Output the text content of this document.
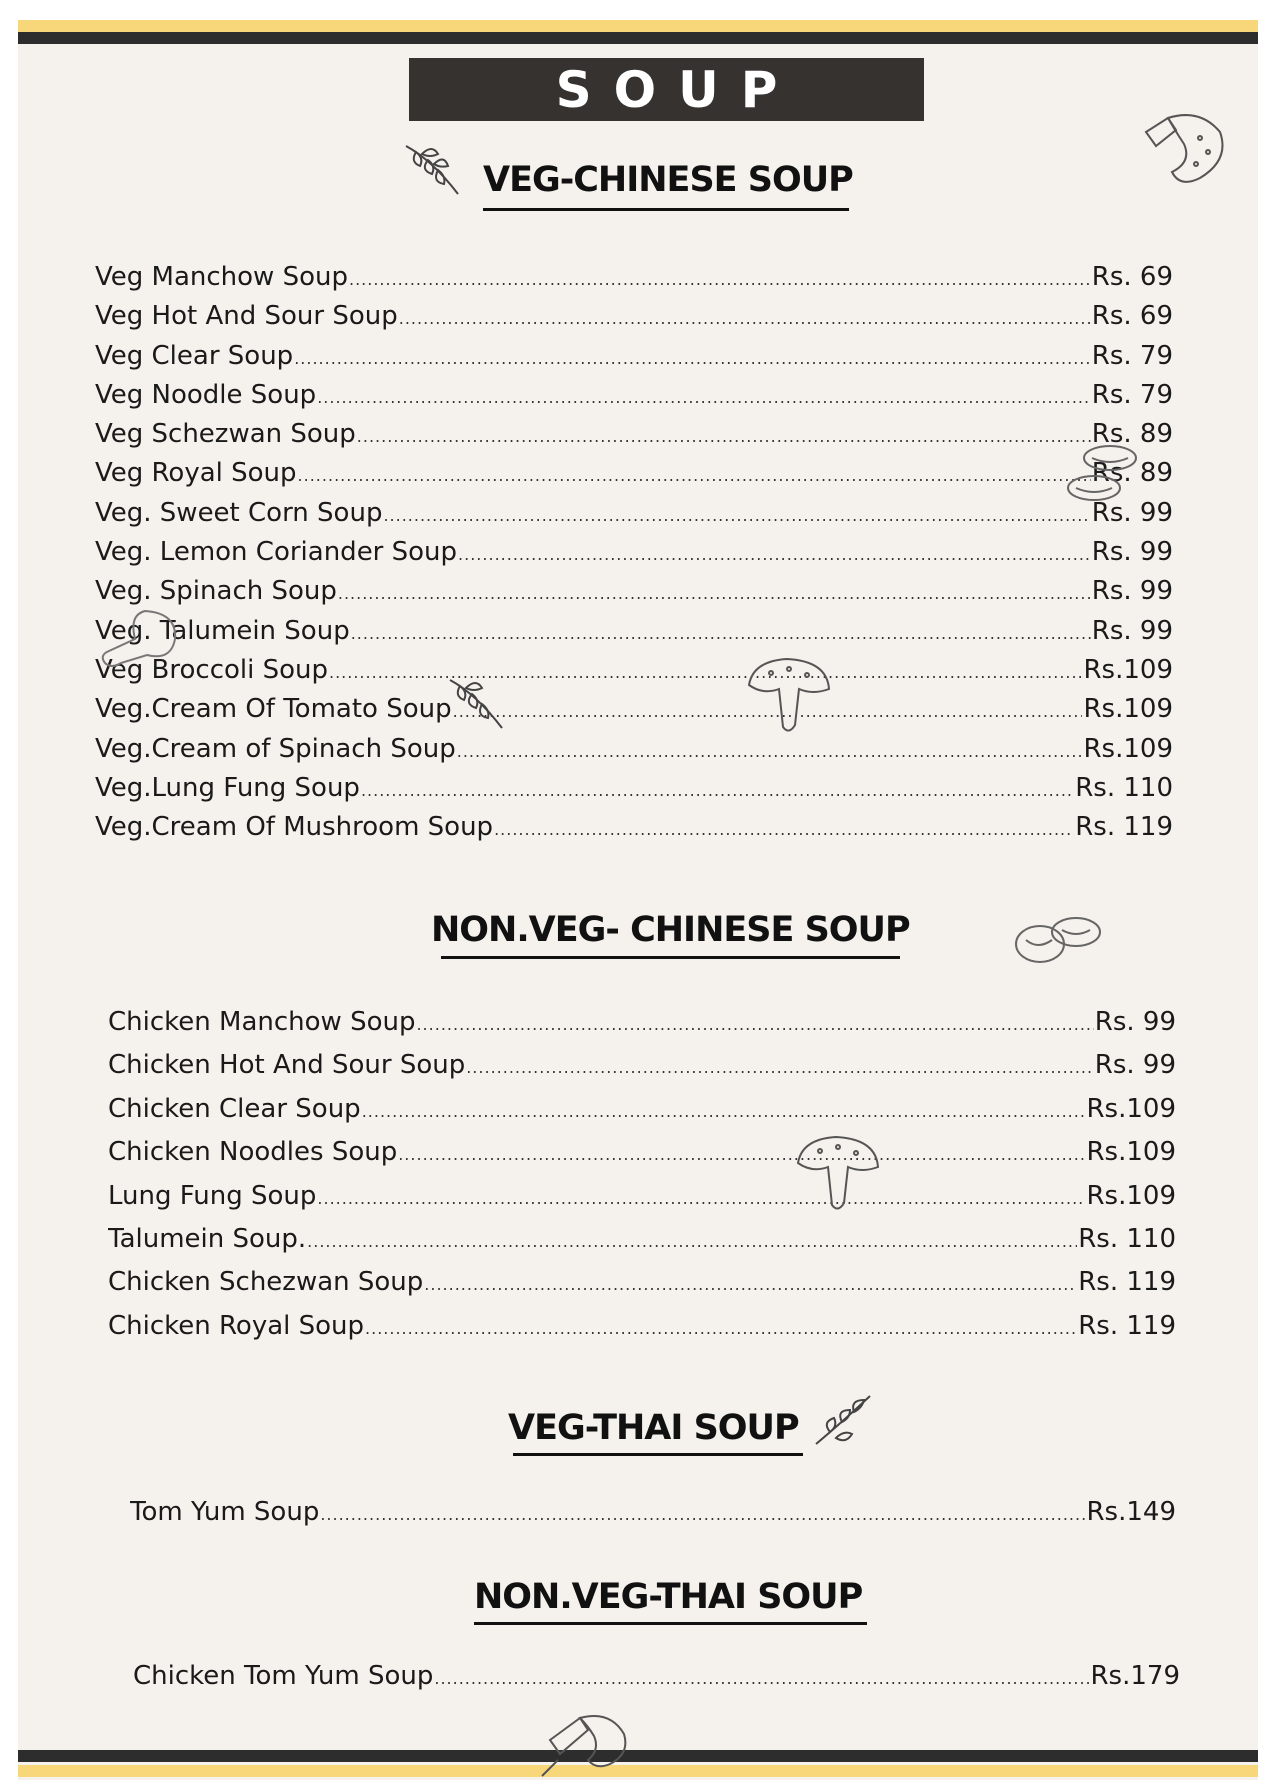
SOUP
VEG-CHINESE SOUP
Veg Manchow Soup .....	Rs. 69
Veg Hot And Sour Soup .....	Rs. 69
Veg Clear Soup .....	Rs. 79
Veg Noodle Soup .....	Rs. 79
Veg Schezwan Soup .....	Rs. 89
Veg Royal Soup .....	Rs. 89
Veg. Sweet Corn Soup .....	Rs. 99
Veg. Lemon Coriander Soup .....	Rs. 99
Veg. Spinach Soup .....	Rs. 99
Veg. Talumein Soup .....	Rs. 99
Veg Broccoli Soup .....	Rs.109
Veg.Cream Of Tomato Soup .....	Rs.109
Veg.Cream of Spinach Soup .....	Rs.109
Veg.Lung Fung Soup .....	Rs. 110
Veg.Cream Of Mushroom Soup .....	Rs. 119
NON.VEG- CHINESE SOUP
Chicken Manchow Soup .....	Rs. 99
Chicken Hot And Sour Soup .....	Rs. 99
Chicken Clear Soup .....	Rs.109
Chicken Noodles Soup .....	Rs.109
Lung Fung Soup .....	Rs.109
Talumein Soup. .....	Rs. 110
Chicken Schezwan Soup .....	Rs. 119
Chicken Royal Soup .....	Rs. 119
VEG-THAI SOUP
Tom Yum Soup .....	Rs.149
NON.VEG-THAI SOUP
Chicken Tom Yum Soup .....	Rs.179
